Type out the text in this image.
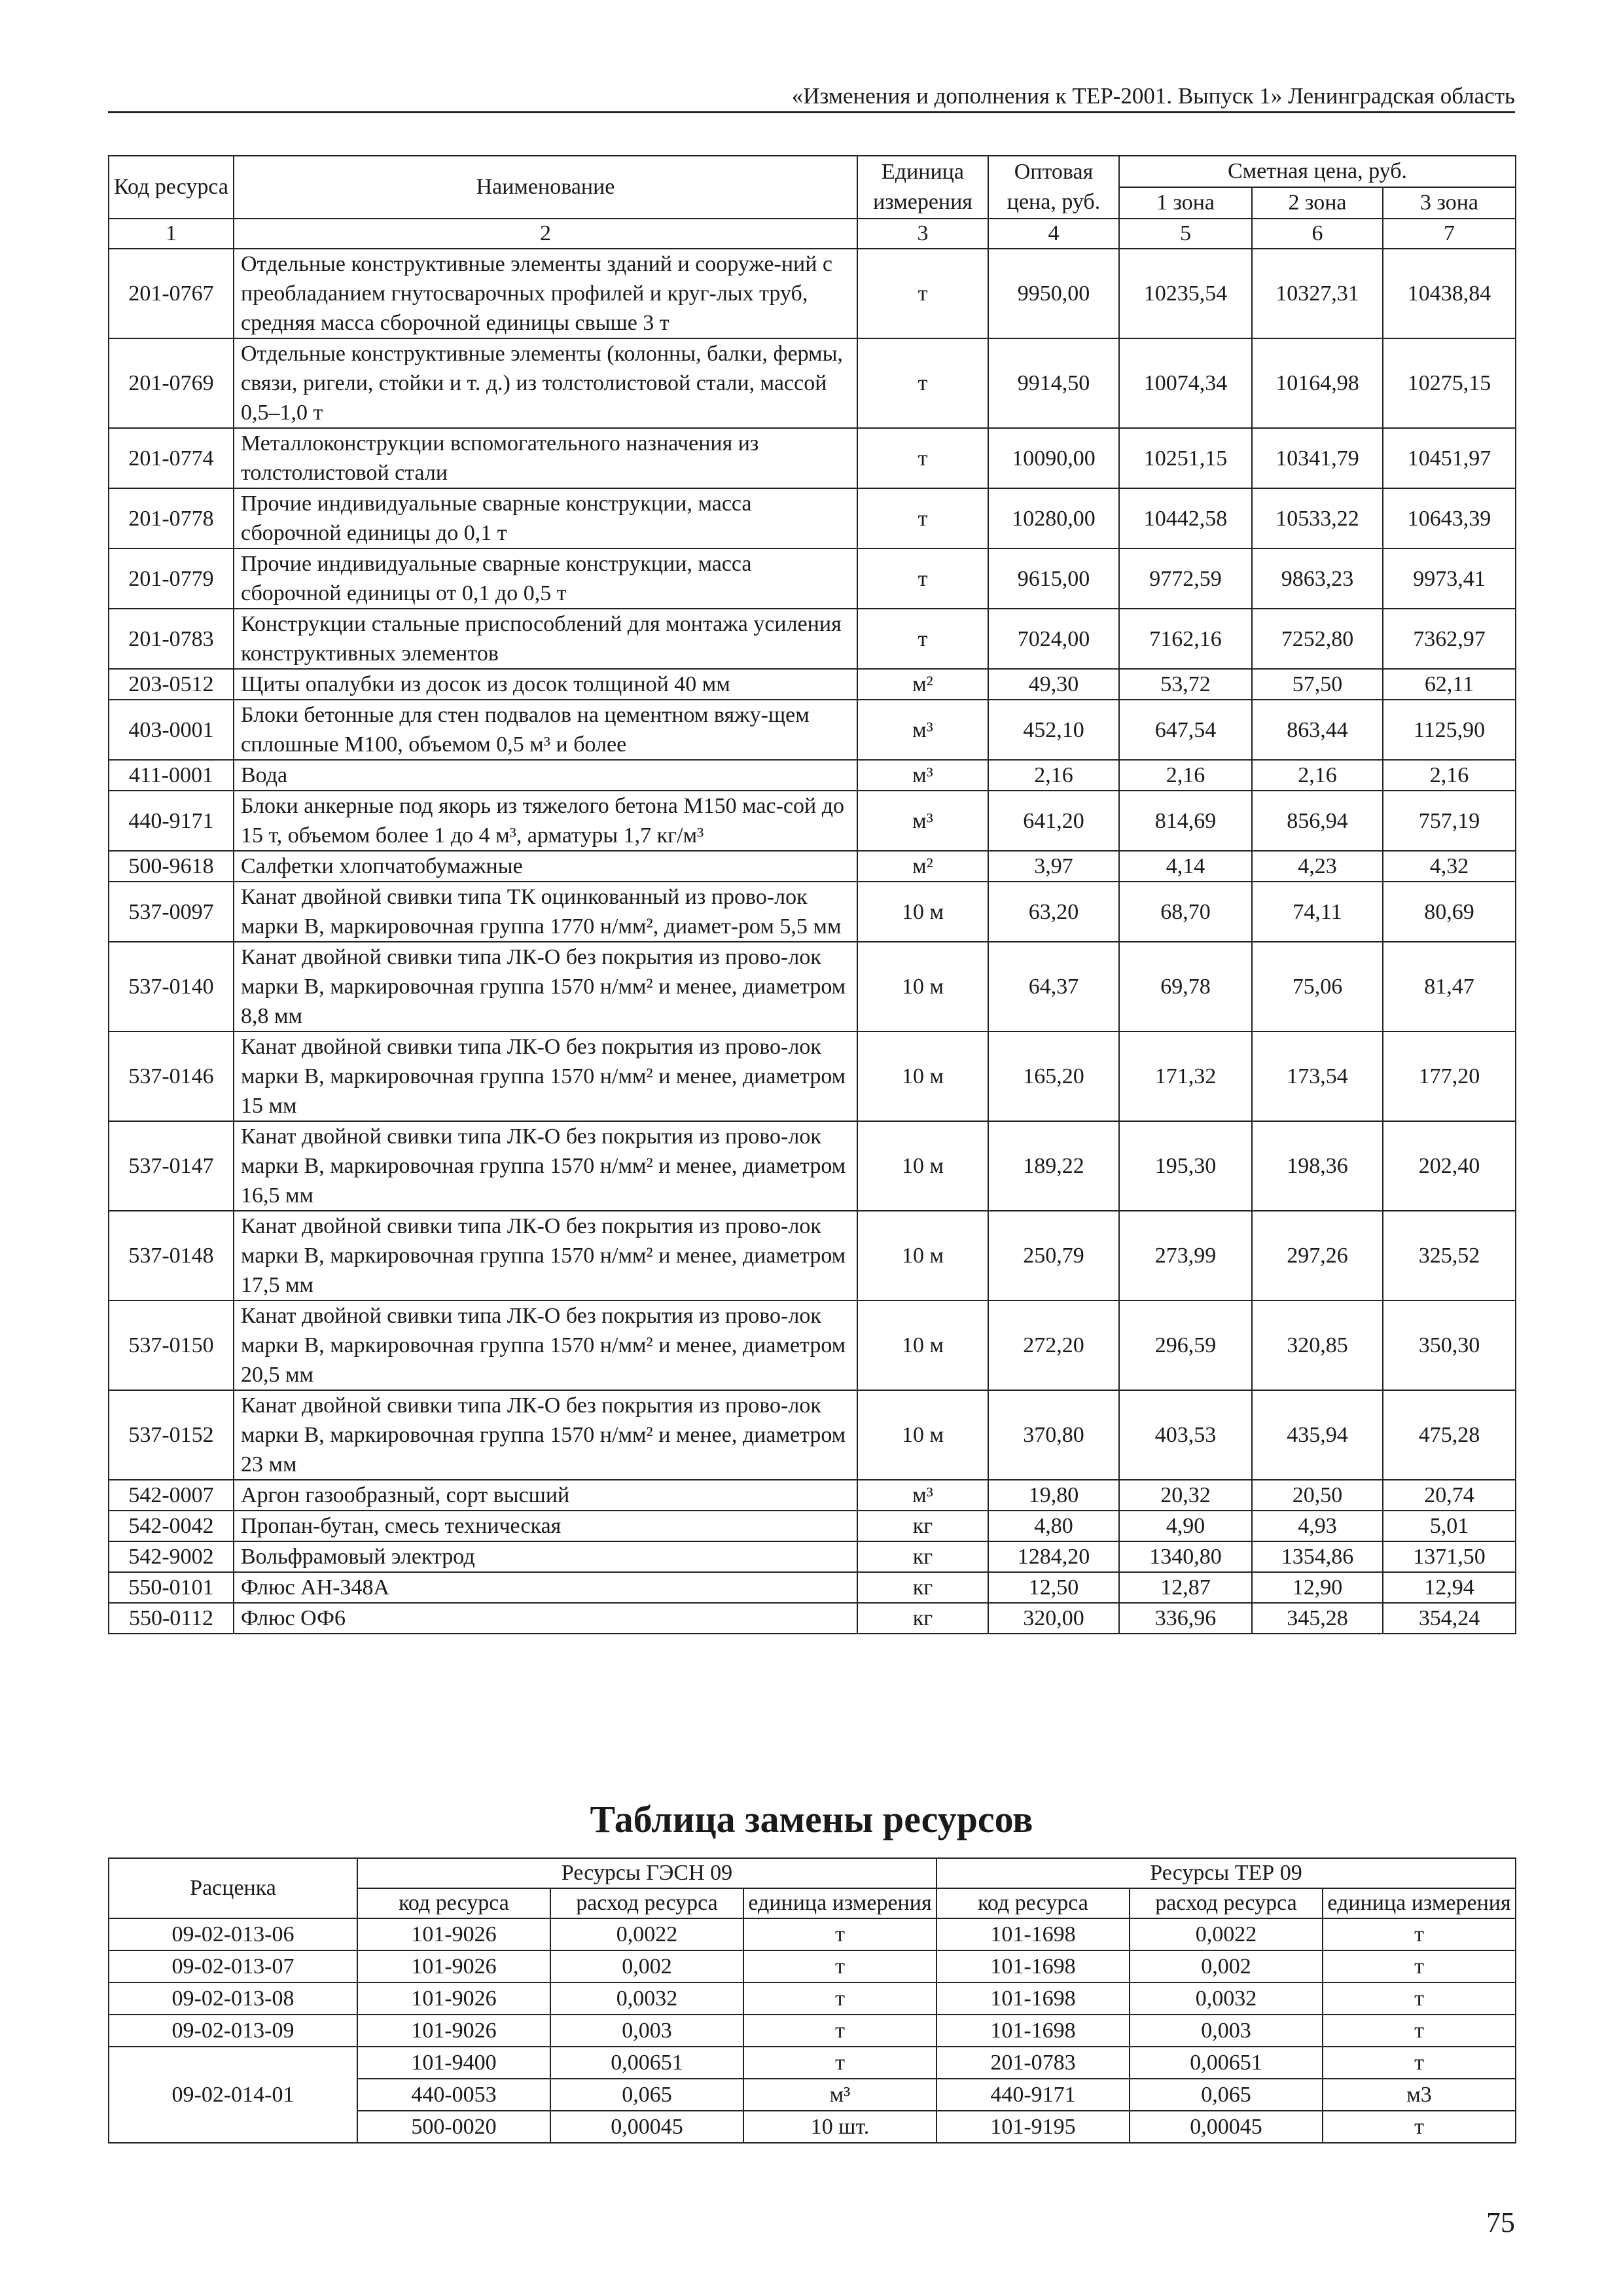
«Изменения и дополнения к ТЕР-2001. Выпуск 1» Ленинградская область
Код ресурса	Наименование	Единица измерения	Оптовая цена, руб.	Сметная цена, руб.		
				1 зона	2 зона	3 зона
1	2	3	4	5	6	7
201-0767	Отдельные конструктивные элементы зданий и сооруже-ний с преобладанием гнутосварочных профилей и круг-лых труб, средняя масса сборочной единицы свыше 3 т	т	9950,00	10235,54	10327,31	10438,84
201-0769	Отдельные конструктивные элементы (колонны, балки, фермы, связи, ригели, стойки и т. д.) из толстолистовой стали, массой 0,5–1,0 т	т	9914,50	10074,34	10164,98	10275,15
201-0774	Металлоконструкции вспомогательного назначения из толстолистовой стали	т	10090,00	10251,15	10341,79	10451,97
201-0778	Прочие индивидуальные сварные конструкции, масса сборочной единицы до 0,1 т	т	10280,00	10442,58	10533,22	10643,39
201-0779	Прочие индивидуальные сварные конструкции, масса сборочной единицы от 0,1 до 0,5 т	т	9615,00	9772,59	9863,23	9973,41
201-0783	Конструкции стальные приспособлений для монтажа усиления конструктивных элементов	т	7024,00	7162,16	7252,80	7362,97
203-0512	Щиты опалубки из досок из досок толщиной 40 мм	м²	49,30	53,72	57,50	62,11
403-0001	Блоки бетонные для стен подвалов на цементном вяжу-щем сплошные М100, объемом 0,5 м³ и более	м³	452,10	647,54	863,44	1125,90
411-0001	Вода	м³	2,16	2,16	2,16	2,16
440-9171	Блоки анкерные под якорь из тяжелого бетона М150 мас-сой до 15 т, объемом более 1 до 4 м³, арматуры 1,7 кг/м³	м³	641,20	814,69	856,94	757,19
500-9618	Салфетки хлопчатобумажные	м²	3,97	4,14	4,23	4,32
537-0097	Канат двойной свивки типа ТК оцинкованный из прово-лок марки В, маркировочная группа 1770 н/мм², диамет-ром 5,5 мм	10 м	63,20	68,70	74,11	80,69
537-0140	Канат двойной свивки типа ЛК-О без покрытия из прово-лок марки В, маркировочная группа 1570 н/мм² и менее, диаметром 8,8 мм	10 м	64,37	69,78	75,06	81,47
537-0146	Канат двойной свивки типа ЛК-О без покрытия из прово-лок марки В, маркировочная группа 1570 н/мм² и менее, диаметром 15 мм	10 м	165,20	171,32	173,54	177,20
537-0147	Канат двойной свивки типа ЛК-О без покрытия из прово-лок марки В, маркировочная группа 1570 н/мм² и менее, диаметром 16,5 мм	10 м	189,22	195,30	198,36	202,40
537-0148	Канат двойной свивки типа ЛК-О без покрытия из прово-лок марки В, маркировочная группа 1570 н/мм² и менее, диаметром 17,5 мм	10 м	250,79	273,99	297,26	325,52
537-0150	Канат двойной свивки типа ЛК-О без покрытия из прово-лок марки В, маркировочная группа 1570 н/мм² и менее, диаметром 20,5 мм	10 м	272,20	296,59	320,85	350,30
537-0152	Канат двойной свивки типа ЛК-О без покрытия из прово-лок марки В, маркировочная группа 1570 н/мм² и менее, диаметром 23 мм	10 м	370,80	403,53	435,94	475,28
542-0007	Аргон газообразный, сорт высший	м³	19,80	20,32	20,50	20,74
542-0042	Пропан-бутан, смесь техническая	кг	4,80	4,90	4,93	5,01
542-9002	Вольфрамовый электрод	кг	1284,20	1340,80	1354,86	1371,50
550-0101	Флюс АН-348А	кг	12,50	12,87	12,90	12,94
550-0112	Флюс ОФ6	кг	320,00	336,96	345,28	354,24
Таблица замены ресурсов
Расценка	Ресурсы ГЭСН 09			Ресурсы ТЕР 09		
	код ресурса	расход ресурса	единица измерения	код ресурса	расход ресурса	единица измерения
09-02-013-06	101-9026	0,0022	т	101-1698	0,0022	т
09-02-013-07	101-9026	0,002	т	101-1698	0,002	т
09-02-013-08	101-9026	0,0032	т	101-1698	0,0032	т
09-02-013-09	101-9026	0,003	т	101-1698	0,003	т
09-02-014-01	101-9400	0,00651	т	201-0783	0,00651	т
	440-0053	0,065	м³	440-9171	0,065	м3
	500-0020	0,00045	10 шт.	101-9195	0,00045	т
75
